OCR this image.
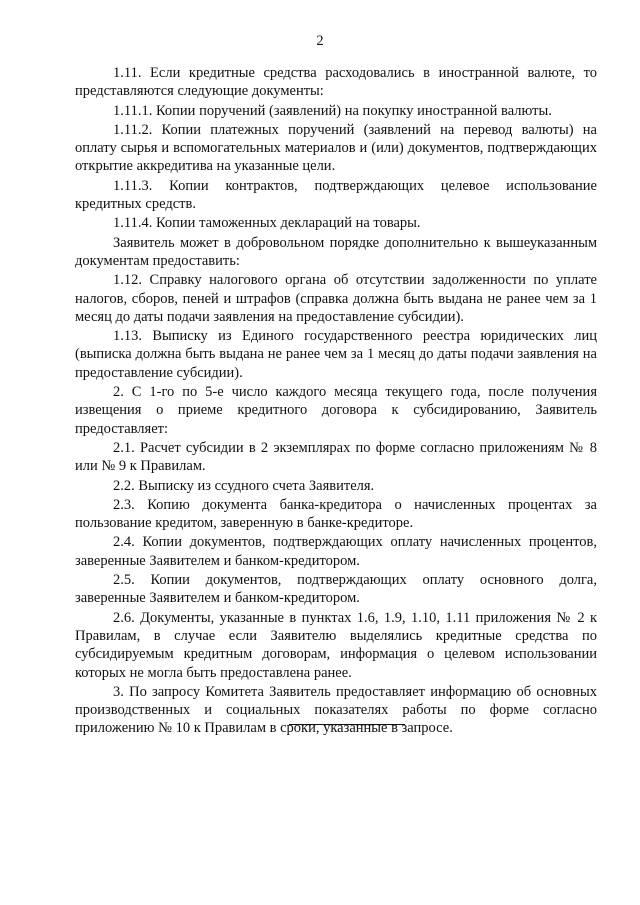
2

1.11. Если кредитные средства расходовались в иностранной валюте, то представляются следующие документы:

1.11.1. Копии поручений (заявлений) на покупку иностранной валюты.

1.11.2. Копии платежных поручений (заявлений на перевод валюты) на оплату сырья и вспомогательных материалов и (или) документов, подтверждающих открытие аккредитива на указанные цели.

1.11.3. Копии контрактов, подтверждающих целевое использование кредитных средств.

1.11.4. Копии таможенных деклараций на товары.

Заявитель может в добровольном порядке дополнительно к вышеуказанным документам предоставить:

1.12. Справку налогового органа об отсутствии задолженности по уплате налогов, сборов, пеней и штрафов (справка должна быть выдана не ранее чем за 1 месяц до даты подачи заявления на предоставление субсидии).

1.13. Выписку из Единого государственного реестра юридических лиц (выписка должна быть выдана не ранее чем за 1 месяц до даты подачи заявления на предоставление субсидии).

2. С 1-го по 5-е число каждого месяца текущего года, после получения извещения о приеме кредитного договора к субсидированию, Заявитель предоставляет:

2.1. Расчет субсидии в 2 экземплярах по форме согласно приложениям № 8 или № 9 к Правилам.

2.2. Выписку из ссудного счета Заявителя.

2.3. Копию документа банка-кредитора о начисленных процентах за пользование кредитом, заверенную в банке-кредиторе.

2.4. Копии документов, подтверждающих оплату начисленных процентов, заверенные Заявителем и банком-кредитором.

2.5. Копии документов, подтверждающих оплату основного долга, заверенные Заявителем и банком-кредитором.

2.6. Документы, указанные в пунктах 1.6, 1.9, 1.10, 1.11 приложения № 2 к Правилам, в случае если Заявителю выделялись кредитные средства по субсидируемым кредитным договорам, информация о целевом использовании которых не могла быть предоставлена ранее.

3. По запросу Комитета Заявитель предоставляет информацию об основных производственных и социальных показателях работы по форме согласно приложению № 10 к Правилам в сроки, указанные в запросе.
